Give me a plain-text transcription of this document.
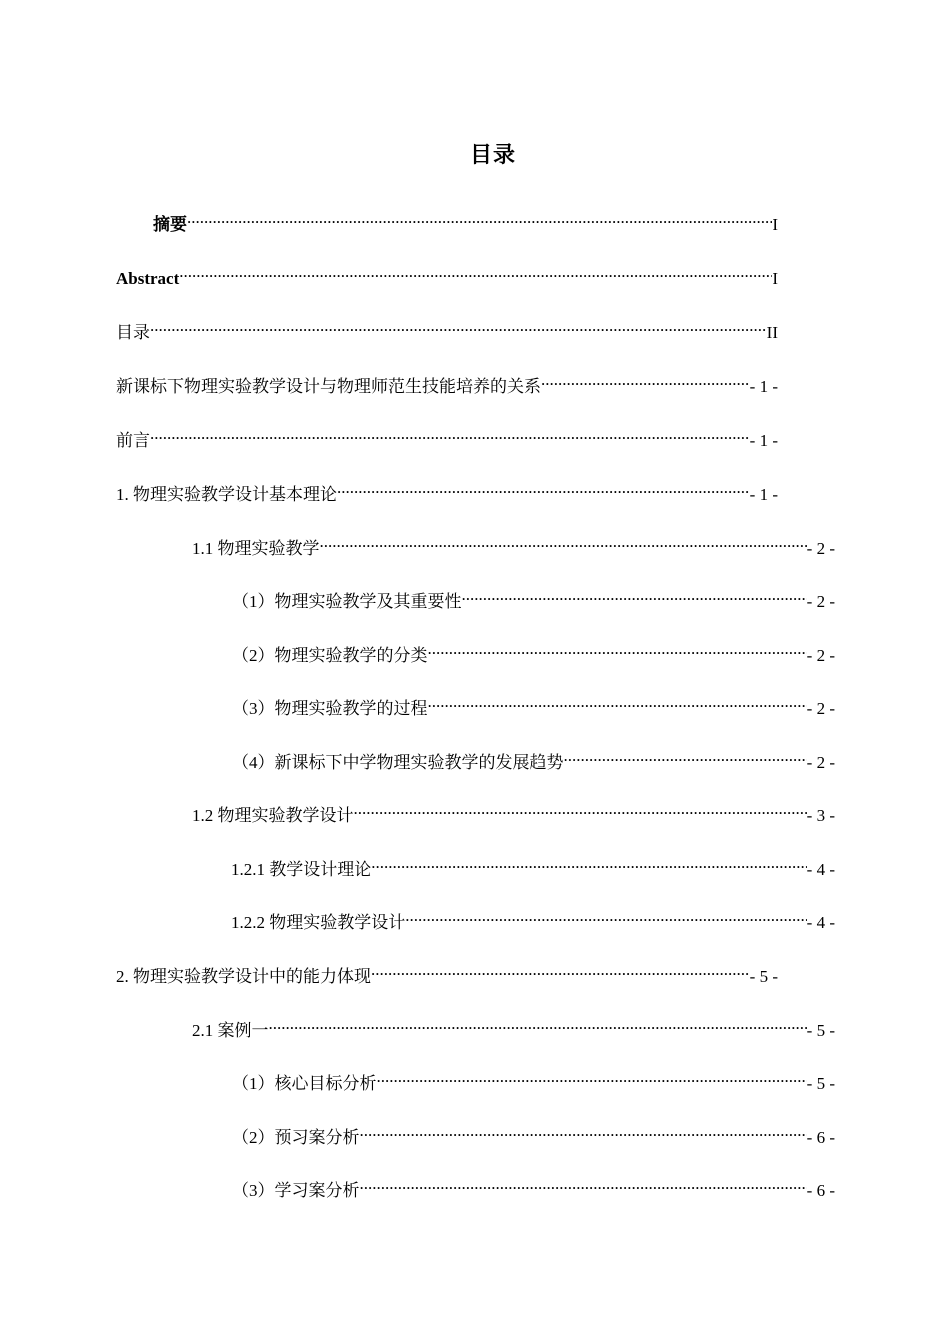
目录
摘要 .....	I
Abstract .....	I
目录 .....	II
新课标下物理实验教学设计与物理师范生技能培养的关系 .....	- 1 -
前言 .....	- 1 -
1. 物理实验教学设计基本理论 .....	- 1 -
1.1 物理实验教学 .....	- 2 -
（1）物理实验教学及其重要性 .....	- 2 -
（2）物理实验教学的分类 .....	- 2 -
（3）物理实验教学的过程 .....	- 2 -
（4）新课标下中学物理实验教学的发展趋势 .....	- 2 -
1.2 物理实验教学设计 .....	- 3 -
1.2.1 教学设计理论 .....	- 4 -
1.2.2 物理实验教学设计 .....	- 4 -
2. 物理实验教学设计中的能力体现 .....	- 5 -
2.1 案例一 .....	- 5 -
（1）核心目标分析 .....	- 5 -
（2）预习案分析 .....	- 6 -
（3）学习案分析 .....	- 6 -
